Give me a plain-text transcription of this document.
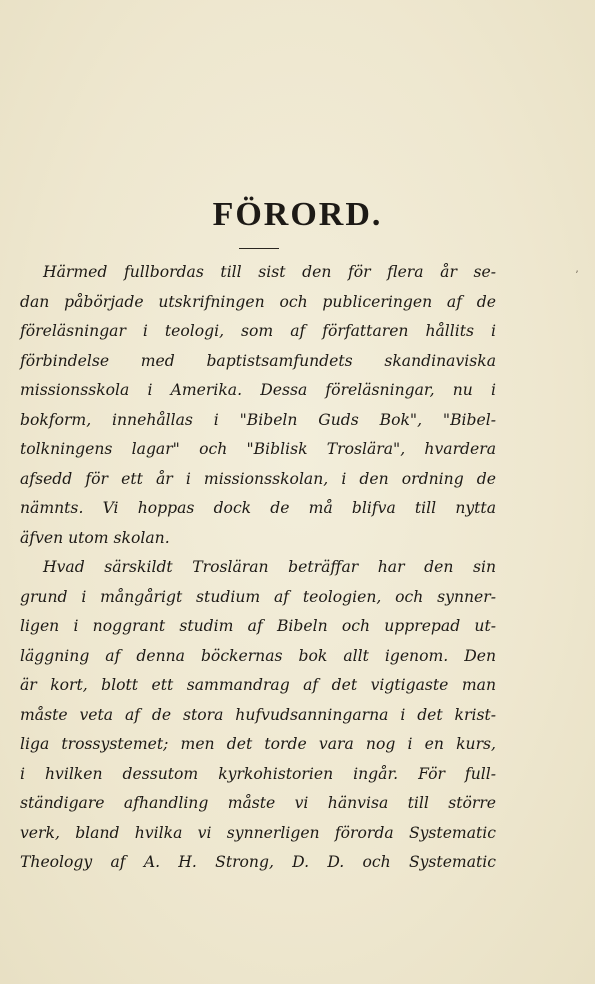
FÖRORD.
Härmed fullbordas till sist den för flera år se-
dan påbörjade utskrifningen och publiceringen af de
föreläsningar i teologi, som af författaren hållits i
förbindelse med baptistsamfundets skandinaviska
missionsskola i Amerika. Dessa föreläsningar, nu i
bokform, innehållas i "Bibeln Guds Bok", "Bibel-
tolkningens lagar" och "Biblisk Troslära", hvardera
afsedd för ett år i missionsskolan, i den ordning de
nämnts. Vi hoppas dock de må blifva till nytta
äfven utom skolan.
Hvad särskildt Trosläran beträffar har den sin
grund i mångårigt studium af teologien, och synner-
ligen i noggrant studim af Bibeln och upprepad ut-
läggning af denna böckernas bok allt igenom. Den
är kort, blott ett sammandrag af det vigtigaste man
måste veta af de stora hufvudsanningarna i det krist-
liga trossystemet; men det torde vara nog i en kurs,
i hvilken dessutom kyrkohistorien ingår. För full-
ständigare afhandling måste vi hänvisa till större
verk, bland hvilka vi synnerligen förorda Systematic
Theology af A. H. Strong, D. D. och Systematic
ʼ
